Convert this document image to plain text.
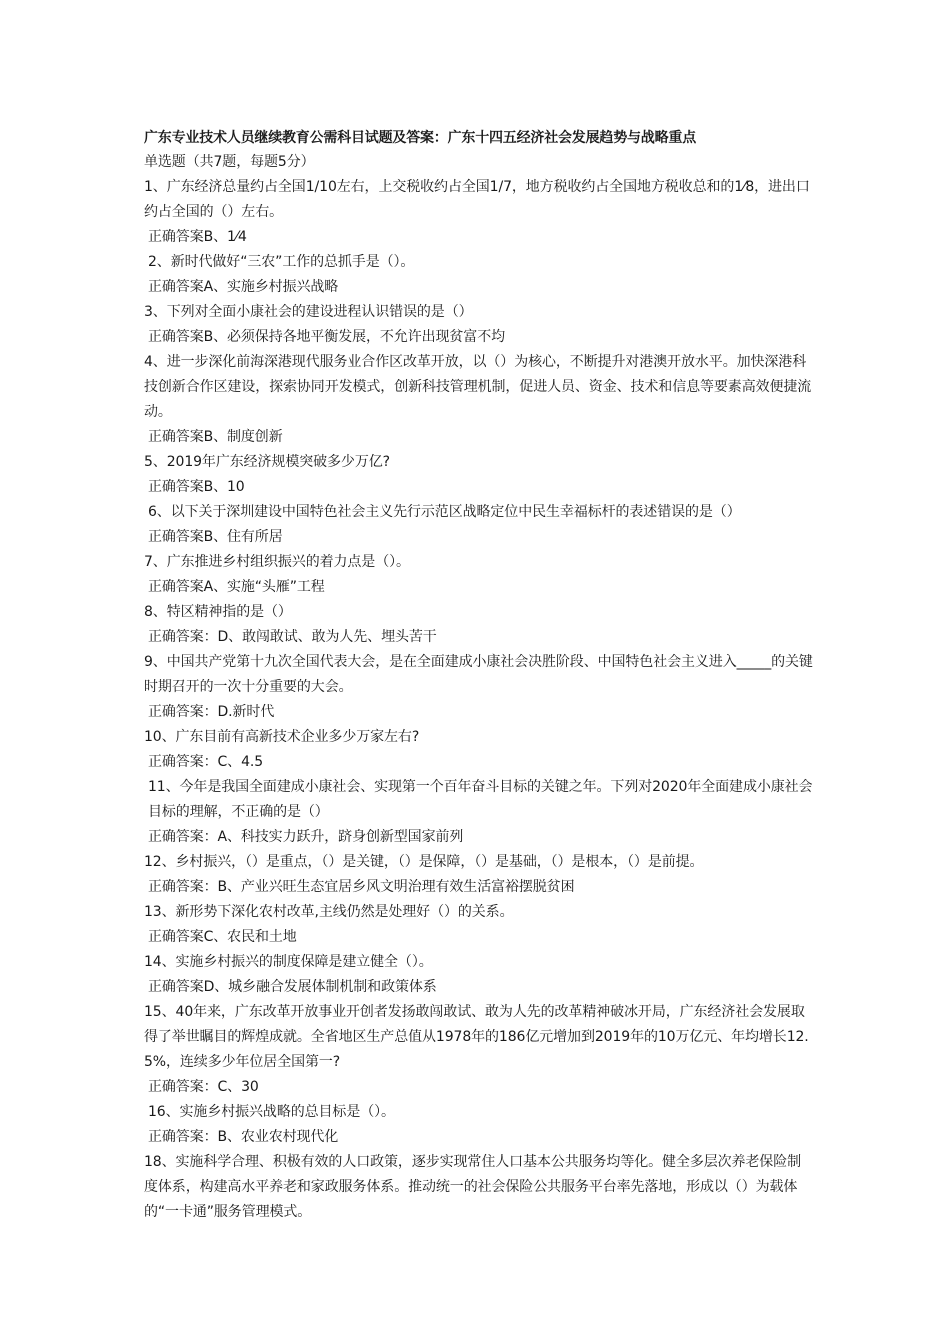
广东专业技术人员继续教育公需科目试题及答案：广东十四五经济社会发展趋势与战略重点

单选题（共7题，每题5分）

1、广东经济总量约占全国1/10左右，上交税收约占全国1/7，地方税收约占全国地方税收总和的1⁄8，进出口约占全国的（）左右。

正确答案B、1⁄4

2、新时代做好“三农”工作的总抓手是（）。

正确答案A、实施乡村振兴战略

3、下列对全面小康社会的建设进程认识错误的是（）

正确答案B、必须保持各地平衡发展，不允许出现贫富不均

4、进一步深化前海深港现代服务业合作区改革开放，以（）为核心，不断提升对港澳开放水平。加快深港科技创新合作区建设，探索协同开发模式，创新科技管理机制，促进人员、资金、技术和信息等要素高效便捷流动。

正确答案B、制度创新

5、2019年广东经济规模突破多少万亿?

正确答案B、10

6、以下关于深圳建设中国特色社会主义先行示范区战略定位中民生幸福标杆的表述错误的是（）

正确答案B、住有所居

7、广东推进乡村组织振兴的着力点是（）。

正确答案A、实施“头雁”工程

8、特区精神指的是（）

正确答案：D、敢闯敢试、敢为人先、埋头苦干

9、中国共产党第十九次全国代表大会，是在全面建成小康社会决胜阶段、中国特色社会主义进入_____的关键时期召开的一次十分重要的大会。

正确答案：D.新时代

10、广东目前有高新技术企业多少万家左右?

正确答案：C、4.5

11、今年是我国全面建成小康社会、实现第一个百年奋斗目标的关键之年。下列对2020年全面建成小康社会目标的理解，不正确的是（）

正确答案：A、科技实力跃升，跻身创新型国家前列

12、乡村振兴，（）是重点，（）是关键，（）是保障，（）是基础，（）是根本，（）是前提。

正确答案：B、产业兴旺生态宜居乡风文明治理有效生活富裕摆脱贫困

13、新形势下深化农村改革,主线仍然是处理好（）的关系。

正确答案C、农民和土地

14、实施乡村振兴的制度保障是建立健全（）。

正确答案D、城乡融合发展体制机制和政策体系

15、40年来，广东改革开放事业开创者发扬敢闯敢试、敢为人先的改革精神破冰开局，广东经济社会发展取得了举世瞩目的辉煌成就。全省地区生产总值从1978年的186亿元增加到2019年的10万亿元、年均增长12.5%，连续多少年位居全国第一?

正确答案：C、30

16、实施乡村振兴战略的总目标是（）。

正确答案：B、农业农村现代化

18、实施科学合理、积极有效的人口政策，逐步实现常住人口基本公共服务均等化。健全多层次养老保险制度体系，构建高水平养老和家政服务体系。推动统一的社会保险公共服务平台率先落地，形成以（）为载体的“一卡通”服务管理模式。
